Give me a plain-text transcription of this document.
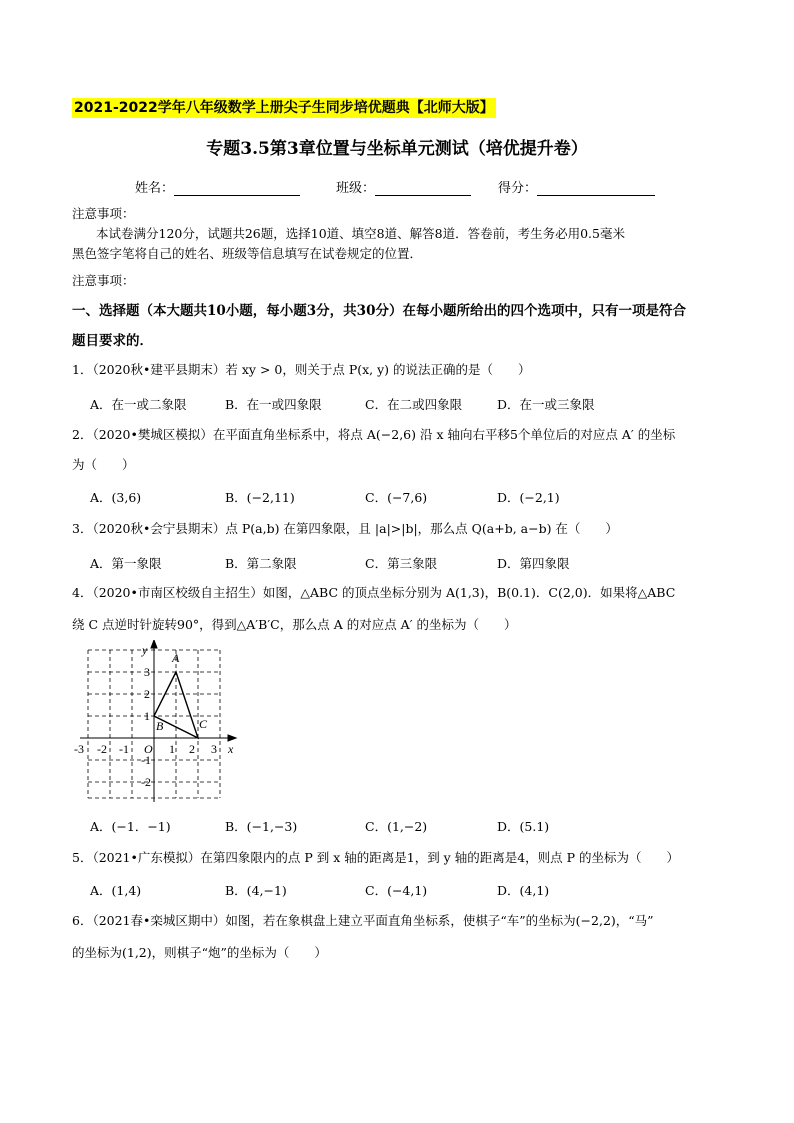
2021-2022学年八年级数学上册尖子生同步培优题典【北师大版】
专题3.5第3章位置与坐标单元测试（培优提升卷）
姓名：	班级：	得分：
注意事项：
本试卷满分120分，试题共26题，选择10道、填空8道、解答8道．答卷前，考生务必用0.5毫米
黑色签字笔将自己的姓名、班级等信息填写在试卷规定的位置．
注意事项：
一、选择题（本大题共10小题，每小题3分，共30分）在每小题所给出的四个选项中，只有一项是符合
题目要求的．
1．（2020秋•建平县期末）若 xy > 0，则关于点 P(x, y) 的说法正确的是（　　）
A．在一或二象限	B．在一或四象限	C．在二或四象限	D．在一或三象限
2．（2020•樊城区模拟）在平面直角坐标系中，将点 A(−2,6) 沿 x 轴向右平移5个单位后的对应点 A′ 的坐标
为（　　）
A．(3,6)	B．(−2,11)	C．(−7,6)	D．(−2,1)
3．（2020秋•会宁县期末）点 P(a,b) 在第四象限，且 |a|>|b|，那么点 Q(a+b, a−b) 在（　　）
A．第一象限	B．第二象限	C．第三象限	D．第四象限
4．（2020•市南区校级自主招生）如图，△ABC 的顶点坐标分别为 A(1,3)，B(0.1)．C(2,0)．如果将△ABC
绕 C 点逆时针旋转90°，得到△A′B′C，那么点 A 的对应点 A′ 的坐标为（　　）
-3 -2 -1 O 1 2 3 x
3
2
1
-1
-2
y
A
B	C
A．(−1．−1)	B．(−1,−3)	C．(1,−2)	D．(5.1)
5．（2021•广东模拟）在第四象限内的点 P 到 x 轴的距离是1，到 y 轴的距离是4，则点 P 的坐标为（　　）
A．(1,4)	B．(4,−1)	C．(−4,1)	D．(4,1)
6．（2021春•栾城区期中）如图，若在象棋盘上建立平面直角坐标系，使棋子“车”的坐标为(−2,2)，“马”
的坐标为(1,2)，则棋子“炮”的坐标为（　　）
